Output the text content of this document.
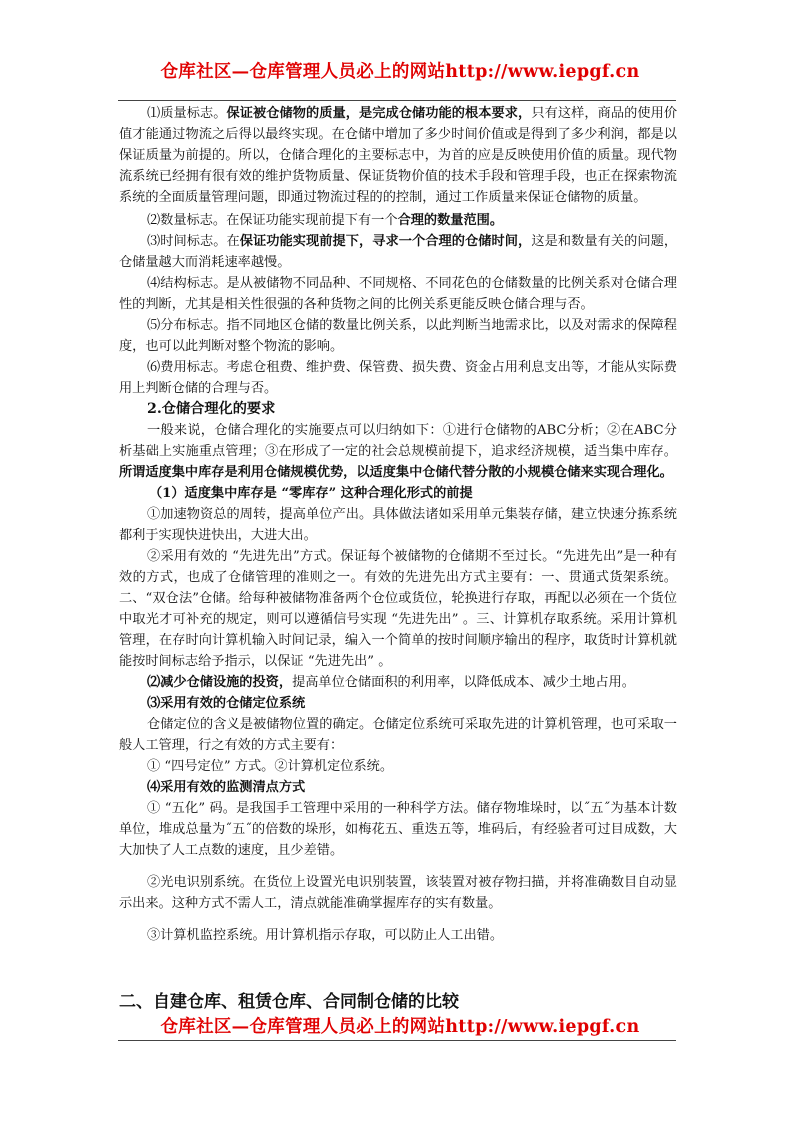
仓库社区—仓库管理人员必上的网站http://www.iepgf.cn

⑴质量标志。保证被仓储物的质量，是完成仓储功能的根本要求，只有这样，商品的使用价值才能通过物流之后得以最终实现。在仓储中增加了多少时间价值或是得到了多少利润，都是以保证质量为前提的。所以，仓储合理化的主要标志中，为首的应是反映使用价值的质量。现代物流系统已经拥有很有效的维护货物质量、保证货物价值的技术手段和管理手段，也正在探索物流系统的全面质量管理问题，即通过物流过程的的控制，通过工作质量来保证仓储物的质量。

⑵数量标志。在保证功能实现前提下有一个合理的数量范围。

⑶时间标志。在保证功能实现前提下，寻求一个合理的仓储时间，这是和数量有关的问题，仓储量越大而消耗速率越慢。

⑷结构标志。是从被储物不同品种、不同规格、不同花色的仓储数量的比例关系对仓储合理性的判断，尤其是相关性很强的各种货物之间的比例关系更能反映仓储合理与否。

⑸分布标志。指不同地区仓储的数量比例关系，以此判断当地需求比，以及对需求的保障程度，也可以此判断对整个物流的影响。

⑹费用标志。考虑仓租费、维护费、保管费、损失费、资金占用利息支出等，才能从实际费用上判断仓储的合理与否。

2.仓储合理化的要求

一般来说，仓储合理化的实施要点可以归纳如下：①进行仓储物的ABC分析；②在ABC分析基础上实施重点管理；③在形成了一定的社会总规模前提下，追求经济规模，适当集中库存。所谓适度集中库存是利用仓储规模优势，以适度集中仓储代替分散的小规模仓储来实现合理化。

（1）适度集中库存是 “零库存” 这种合理化形式的前提

①加速物资总的周转，提高单位产出。具体做法诸如采用单元集装存储，建立快速分拣系统都利于实现快进快出，大进大出。

②采用有效的 “先进先出”方式。保证每个被储物的仓储期不至过长。“先进先出”是一种有效的方式，也成了仓储管理的准则之一。有效的先进先出方式主要有：一、贯通式货架系统。二、“双仓法”仓储。给每种被储物准备两个仓位或货位，轮换进行存取，再配以必须在一个货位中取光才可补充的规定，则可以遵循信号实现 “先进先出” 。三、计算机存取系统。采用计算机管理，在存时向计算机输入时间记录，编入一个简单的按时间顺序输出的程序，取货时计算机就能按时间标志给予指示，以保证 “先进先出” 。

⑵减少仓储设施的投资，提高单位仓储面积的利用率，以降低成本、减少土地占用。

⑶采用有效的仓储定位系统

仓储定位的含义是被储物位置的确定。仓储定位系统可采取先进的计算机管理，也可采取一般人工管理，行之有效的方式主要有：

① “四号定位” 方式。②计算机定位系统。

⑷采用有效的监测清点方式

① “五化” 码。是我国手工管理中采用的一种科学方法。储存物堆垛时，以˝五˝为基本计数单位，堆成总量为˝五˝的倍数的垛形，如梅花五、重迭五等，堆码后，有经验者可过目成数，大大加快了人工点数的速度，且少差错。

②光电识别系统。在货位上设置光电识别装置，该装置对被存物扫描，并将准确数目自动显示出来。这种方式不需人工，清点就能准确掌握库存的实有数量。

③计算机监控系统。用计算机指示存取，可以防止人工出错。

二、自建仓库、租赁仓库、合同制仓储的比较
仓库社区—仓库管理人员必上的网站http://www.iepgf.cn
